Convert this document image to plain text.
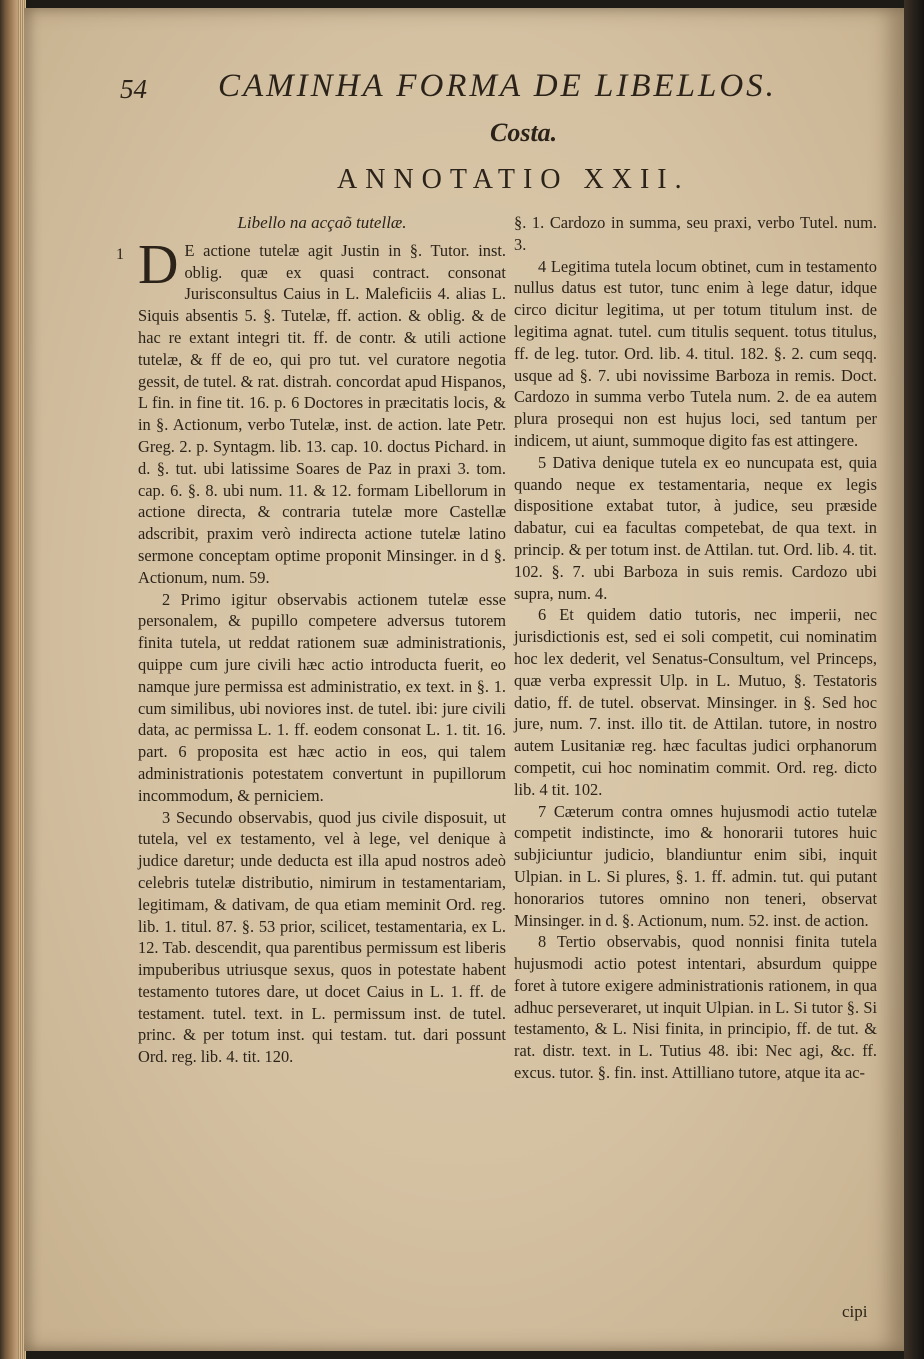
54 CAMINHA FORMA DE LIBELLOS.
Costa.
ANNOTATIO XXII.
Libello na acçaõ tutellæ.
1 D E actione tutelæ agit Justin in §. Tutor. inst. oblig. quæ ex quasi contract. consonat Jurisconsultus Caius in L. Maleficiis 4. alias L. Siquis absentis 5. §. Tutelæ, ff. action. & oblig. & de hac re extant integri tit. ff. de contr. & utili actione tutelæ, & ff de eo, qui pro tut. vel curatore negotia gessit, de tutel. & rat. distrah. concordat apud Hispanos, L fin. in fine tit. 16. p. 6 Doctores in præcitatis locis, & in §. Actionum, verbo Tutelæ, inst. de action. late Petr. Greg. 2. p. Syntagm. lib. 13. cap. 10. doctus Pichard. in d. §. tut. ubi latissime Soares de Paz in praxi 3. tom. cap. 6. §. 8. ubi num. 11. & 12. formam Libellorum in actione directa, & contraria tutelæ more Castellæ adscribit, praxim verò indirecta actione tutelæ latino sermone conceptam optime proponit Minsinger. in d §. Actionum, num. 59.

2 Primo igitur observabis actionem tutelæ esse personalem, & pupillo competere adversus tutorem finita tutela, ut reddat rationem suæ administrationis, quippe cum jure civili hæc actio introducta fuerit, eo namque jure permissa est administratio, ex text. in §. 1. cum similibus, ubi noviores inst. de tutel. ibi: jure civili data, ac permissa L. 1. ff. eodem consonat L. 1. tit. 16. part. 6 proposita est hæc actio in eos, qui talem administrationis potestatem convertunt in pupillorum incommodum, & perniciem.

3 Secundo observabis, quod jus civile disposuit, ut tutela, vel ex testamento, vel à lege, vel denique à judice daretur; unde deducta est illa apud nostros adeò celebris tutelæ distributio, nimirum in testamentariam, legitimam, & dativam, de qua etiam meminit Ord. reg. lib. 1. titul. 87. §. 53 prior, scilicet, testamentaria, ex L. 12. Tab. descendit, qua parentibus permissum est liberis impuberibus utriusque sexus, quos in potestate habent testamento tutores dare, ut docet Caius in L. 1. ff. de testament. tutel. text. in L. permissum inst. de tutel. princ. & per totum inst. qui testam. tut. dari possunt Ord. reg. lib. 4. tit. 120.

§. 1. Cardozo in summa, seu praxi, verbo Tutel. num. 3.

4 Legitima tutela locum obtinet, cum in testamento nullus datus est tutor, tunc enim à lege datur, idque circo dicitur legitima, ut per totum titulum inst. de legitima agnat. tutel. cum titulis sequent. totus titulus, ff. de leg. tutor. Ord. lib. 4. titul. 182. §. 2. cum seqq. usque ad §. 7. ubi novissime Barboza in remis. Doct. Cardozo in summa verbo Tutela num. 2. de ea autem plura prosequi non est hujus loci, sed tantum per indicem, ut aiunt, summoque digito fas est attingere.

5 Dativa denique tutela ex eo nuncupata est, quia quando neque ex testamentaria, neque ex legis dispositione extabat tutor, à judice, seu præside dabatur, cui ea facultas competebat, de qua text. in princip. & per totum inst. de Attilan. tut. Ord. lib. 4. tit. 102. §. 7. ubi Barboza in suis remis. Cardozo ubi supra, num. 4.

6 Et quidem datio tutoris, nec imperii, nec jurisdictionis est, sed ei soli competit, cui nominatim hoc lex dederit, vel Senatus-Consultum, vel Princeps, quæ verba expressit Ulp. in L. Mutuo, §. Testatoris datio, ff. de tutel. observat. Minsinger. in §. Sed hoc jure, num. 7. inst. illo tit. de Attilan. tutore, in nostro autem Lusitaniæ reg. hæc facultas judici orphanorum competit, cui hoc nominatim commit. Ord. reg. dicto lib. 4 tit. 102.

7 Cæterum contra omnes hujusmodi actio tutelæ competit indistincte, imo & honorarii tutores huic subjiciuntur judicio, blandiuntur enim sibi, inquit Ulpian. in L. Si plures, §. 1. ff. admin. tut. qui putant honorarios tutores omnino non teneri, observat Minsinger. in d. §. Actionum, num. 52. inst. de action.

8 Tertio observabis, quod nonnisi finita tutela hujusmodi actio potest intentari, absurdum quippe foret à tutore exigere administrationis rationem, in qua adhuc perseveraret, ut inquit Ulpian. in L. Si tutor §. Si testamento, & L. Nisi finita, in principio, ff. de tut. & rat. distr. text. in L. Tutius 48. ibi: Nec agi, &c. ff. excus. tutor. §. fin. inst. Attilliano tutore, atque ita ac-

cipi
